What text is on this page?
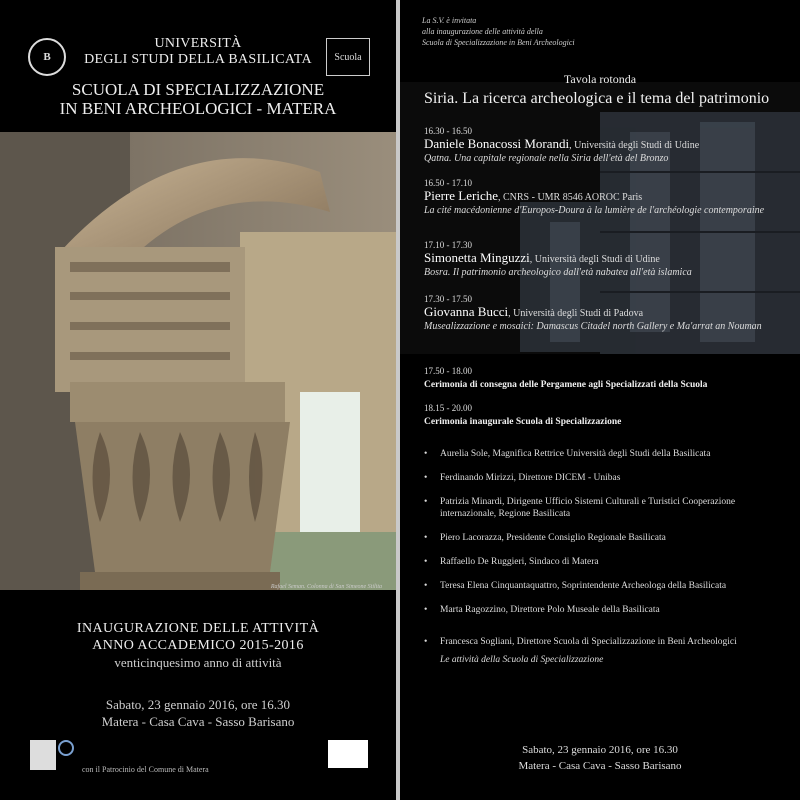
B
UNIVERSITÀ
DEGLI STUDI DELLA BASILICATA	Scuola
SCUOLA DI SPECIALIZZAZIONE
IN BENI ARCHEOLOGICI - MATERA
Rafael Seman. Colonna di San Simeone Stilita
INAUGURAZIONE DELLE ATTIVITÀ
ANNO ACCADEMICO 2015-2016
venticinquesimo anno di attività
Sabato, 23 gennaio 2016, ore 16.30
Matera - Casa Cava - Sasso Barisano
con il Patrocinio del Comune di Matera
La S.V. è invitata
alla inaugurazione delle attività della
Scuola di Specializzazione in Beni Archeologici
Tavola rotonda
Siria. La ricerca archeologica e il tema del patrimonio
16.30 - 16.50
Daniele Bonacossi Morandi, Università degli Studi di Udine
Qatna. Una capitale regionale nella Siria dell'età del Bronzo
16.50 - 17.10
Pierre Leriche, CNRS - UMR 8546 AOROC Paris
La cité macédonienne d'Europos-Doura à la lumière de l'archéologie contemporaine
17.10 - 17.30
Simonetta Minguzzi, Università degli Studi di Udine
Bosra. Il patrimonio archeologico dall'età nabatea all'età islamica
17.30 - 17.50
Giovanna Bucci, Università degli Studi di Padova
Musealizzazione e mosaici: Damascus Citadel north Gallery e Ma'arrat an Nouman
17.50 - 18.00
Cerimonia di consegna delle Pergamene agli Specializzati della Scuola
18.15 - 20.00
Cerimonia inaugurale Scuola di Specializzazione
• Aurelia Sole, Magnifica Rettrice Università degli Studi della Basilicata
• Ferdinando Mirizzi, Direttore DICEM - Unibas
• Patrizia Minardi, Dirigente Ufficio Sistemi Culturali e Turistici Cooperazione internazionale, Regione Basilicata
• Piero Lacorazza, Presidente Consiglio Regionale Basilicata
• Raffaello De Ruggieri, Sindaco di Matera
• Teresa Elena Cinquantaquattro, Soprintendente Archeologa della Basilicata
• Marta Ragozzino, Direttore Polo Museale della Basilicata
• Francesca Sogliani, Direttore Scuola di Specializzazione in Beni Archeologici
Le attività della Scuola di Specializzazione
Sabato, 23 gennaio 2016, ore 16.30
Matera - Casa Cava - Sasso Barisano
